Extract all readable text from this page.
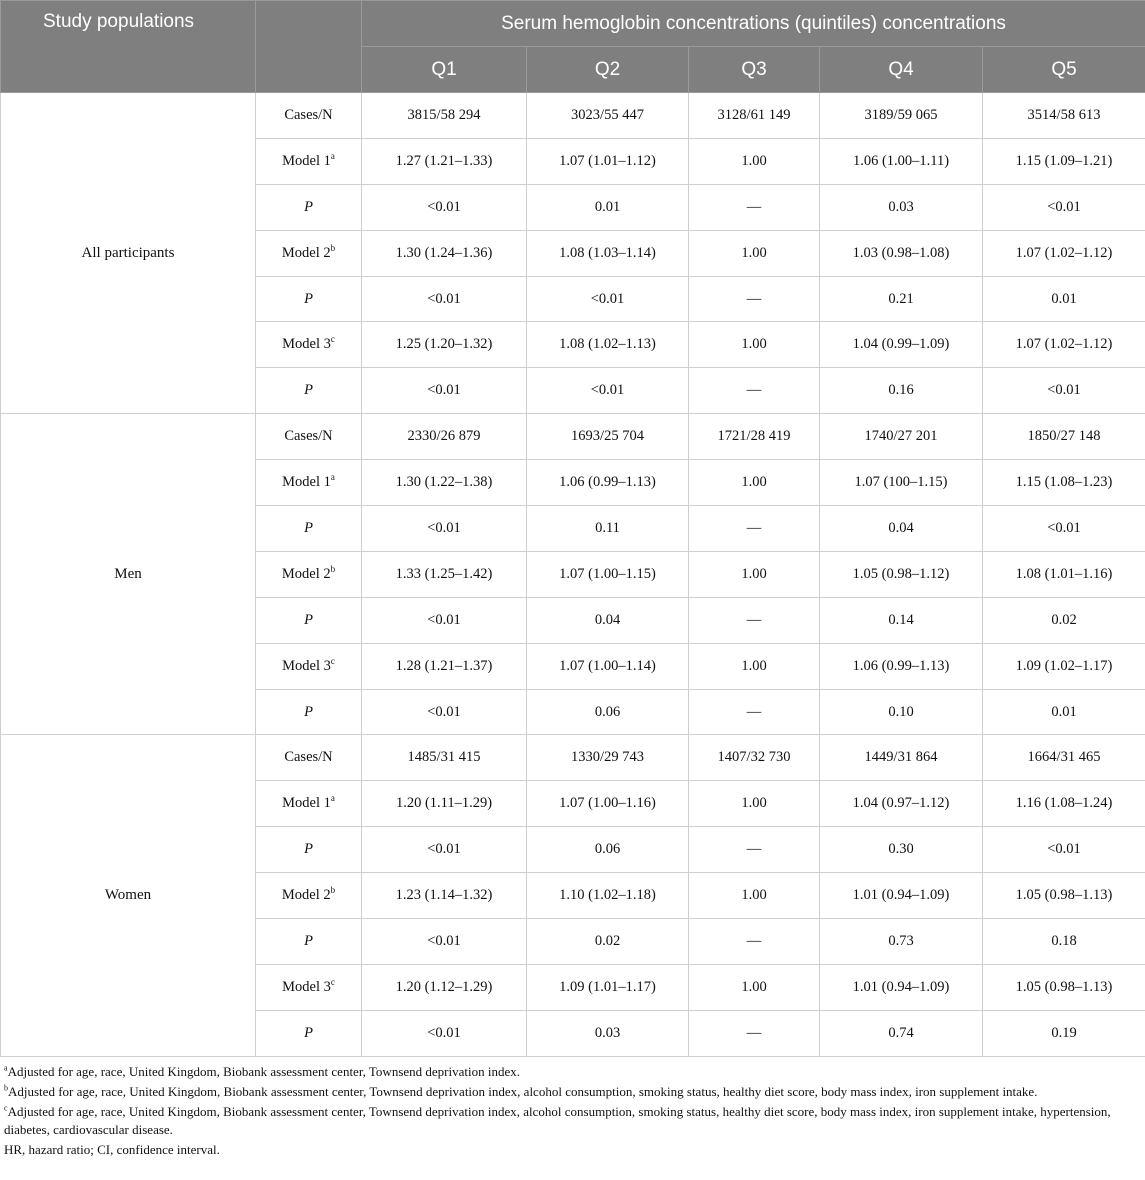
Study populations		Serum hemoglobin concentrations (quintiles) concentrations				
		Q1	Q2	Q3	Q4	Q5
All participants	Cases/N	3815/58 294	3023/55 447	3128/61 149	3189/59 065	3514/58 613
	Model 1$^a$	1.27 (1.21–1.33)	1.07 (1.01–1.12)	1.00	1.06 (1.00–1.11)	1.15 (1.09–1.21)
	P	<0.01	0.01	—	0.03	<0.01
	Model 2$^b$	1.30 (1.24–1.36)	1.08 (1.03–1.14)	1.00	1.03 (0.98–1.08)	1.07 (1.02–1.12)
	P	<0.01	<0.01	—	0.21	0.01
	Model 3$^c$	1.25 (1.20–1.32)	1.08 (1.02–1.13)	1.00	1.04 (0.99–1.09)	1.07 (1.02–1.12)
	P	<0.01	<0.01	—	0.16	<0.01
Men	Cases/N	2330/26 879	1693/25 704	1721/28 419	1740/27 201	1850/27 148
	Model 1$^a$	1.30 (1.22–1.38)	1.06 (0.99–1.13)	1.00	1.07 (100–1.15)	1.15 (1.08–1.23)
	P	<0.01	0.11	—	0.04	<0.01
	Model 2$^b$	1.33 (1.25–1.42)	1.07 (1.00–1.15)	1.00	1.05 (0.98–1.12)	1.08 (1.01–1.16)
	P	<0.01	0.04	—	0.14	0.02
	Model 3$^c$	1.28 (1.21–1.37)	1.07 (1.00–1.14)	1.00	1.06 (0.99–1.13)	1.09 (1.02–1.17)
	P	<0.01	0.06	—	0.10	0.01
Women	Cases/N	1485/31 415	1330/29 743	1407/32 730	1449/31 864	1664/31 465
	Model 1$^a$	1.20 (1.11–1.29)	1.07 (1.00–1.16)	1.00	1.04 (0.97–1.12)	1.16 (1.08–1.24)
	P	<0.01	0.06	—	0.30	<0.01
	Model 2$^b$	1.23 (1.14–1.32)	1.10 (1.02–1.18)	1.00	1.01 (0.94–1.09)	1.05 (0.98–1.13)
	P	<0.01	0.02	—	0.73	0.18
	Model 3$^c$	1.20 (1.12–1.29)	1.09 (1.01–1.17)	1.00	1.01 (0.94–1.09)	1.05 (0.98–1.13)
	P	<0.01	0.03	—	0.74	0.19

$^a$Adjusted for age, race, United Kingdom, Biobank assessment center, Townsend deprivation index.

$^b$Adjusted for age, race, United Kingdom, Biobank assessment center, Townsend deprivation index, alcohol consumption, smoking status, healthy diet score, body mass index, iron supplement intake.

$^c$Adjusted for age, race, United Kingdom, Biobank assessment center, Townsend deprivation index, alcohol consumption, smoking status, healthy diet score, body mass index, iron supplement intake, hypertension, diabetes, cardiovascular disease.

HR, hazard ratio; CI, confidence interval.
